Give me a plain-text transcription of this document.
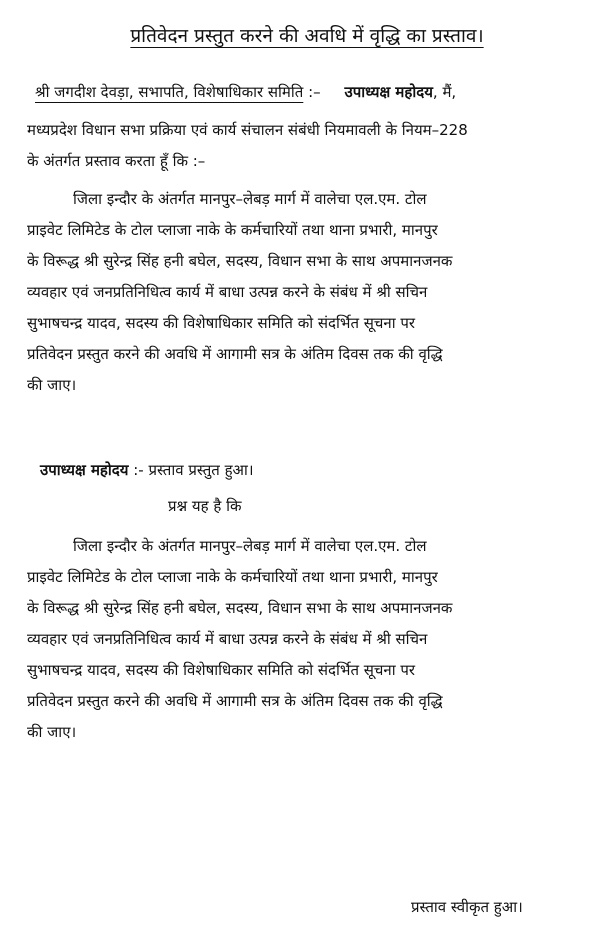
प्रतिवेदन प्रस्तुत करने की अवधि में वृद्धि का प्रस्ताव।
श्री जगदीश देवड़ा, सभापति, विशेषाधिकार समिति :– उपाध्यक्ष महोदय, मैं,
मध्यप्रदेश विधान सभा प्रक्रिया एवं कार्य संचालन संबंधी नियमावली के नियम–228
के अंतर्गत प्रस्ताव करता हूँ कि :–
जिला इन्दौर के अंतर्गत मानपुर–लेबड़ मार्ग में वालेचा एल.एम. टोल
प्राइवेट लिमिटेड के टोल प्लाजा नाके के कर्मचारियों तथा थाना प्रभारी, मानपुर
के विरूद्ध श्री सुरेन्द्र सिंह हनी बघेल, सदस्य, विधान सभा के साथ अपमानजनक
व्यवहार एवं जनप्रतिनिधित्व कार्य में बाधा उत्पन्न करने के संबंध में श्री सचिन
सुभाषचन्द्र यादव, सदस्य की विशेषाधिकार समिति को संदर्भित सूचना पर
प्रतिवेदन प्रस्तुत करने की अवधि में आगामी सत्र के अंतिम दिवस तक की वृद्धि
की जाए।
उपाध्यक्ष महोदय :- प्रस्ताव प्रस्तुत हुआ।
प्रश्न यह है कि
जिला इन्दौर के अंतर्गत मानपुर–लेबड़ मार्ग में वालेचा एल.एम. टोल
प्राइवेट लिमिटेड के टोल प्लाजा नाके के कर्मचारियों तथा थाना प्रभारी, मानपुर
के विरूद्ध श्री सुरेन्द्र सिंह हनी बघेल, सदस्य, विधान सभा के साथ अपमानजनक
व्यवहार एवं जनप्रतिनिधित्व कार्य में बाधा उत्पन्न करने के संबंध में श्री सचिन
सुभाषचन्द्र यादव, सदस्य की विशेषाधिकार समिति को संदर्भित सूचना पर
प्रतिवेदन प्रस्तुत करने की अवधि में आगामी सत्र के अंतिम दिवस तक की वृद्धि
की जाए।
प्रस्ताव स्वीकृत हुआ।
